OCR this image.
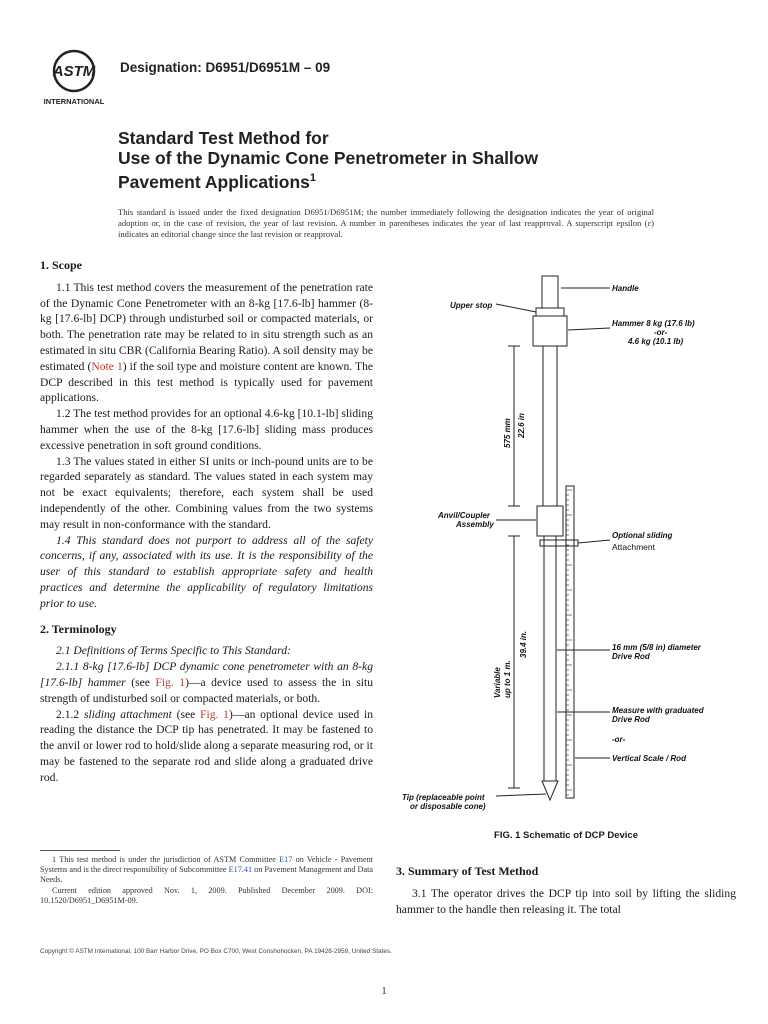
ASTM
INTERNATIONAL
Designation: D6951/D6951M – 09
Standard Test Method for
Use of the Dynamic Cone Penetrometer in Shallow
Pavement Applications$^1$
This standard is issued under the fixed designation D6951/D6951M; the number immediately following the designation indicates the year of original adoption or, in the case of revision, the year of last revision. A number in parentheses indicates the year of last reapproval. A superscript epsilon (ε) indicates an editorial change since the last revision or reapproval.
1. Scope

1.1 This test method covers the measurement of the penetration rate of the Dynamic Cone Penetrometer with an 8-kg [17.6-lb] hammer (8-kg [17.6-lb] DCP) through undisturbed soil or compacted materials, or both. The penetration rate may be related to in situ strength such as an estimated in situ CBR (California Bearing Ratio). A soil density may be estimated (Note 1) if the soil type and moisture content are known. The DCP described in this test method is typically used for pavement applications.

1.2 The test method provides for an optional 4.6-kg [10.1-lb] sliding hammer when the use of the 8-kg [17.6-lb] sliding mass produces excessive penetration in soft ground conditions.

1.3 The values stated in either SI units or inch-pound units are to be regarded separately as standard. The values stated in each system may not be exact equivalents; therefore, each system shall be used independently of the other. Combining values from the two systems may result in non-conformance with the standard.

1.4 This standard does not purport to address all of the safety concerns, if any, associated with its use. It is the responsibility of the user of this standard to establish appropriate safety and health practices and determine the applicability of regulatory limitations prior to use.

2. Terminology

2.1 Definitions of Terms Specific to This Standard:

2.1.1 8-kg [17.6-lb] DCP dynamic cone penetrometer with an 8-kg [17.6-lb] hammer (see Fig. 1)—a device used to assess the in situ strength of undisturbed soil or compacted materials, or both.

2.1.2 sliding attachment (see Fig. 1)—an optional device used in reading the distance the DCP tip has penetrated. It may be fastened to the anvil or lower rod to hold/slide along a separate measuring rod, or it may be fastened to the separate rod and slide along a graduated drive rod.

1 This test method is under the jurisdiction of ASTM Committee E17 on Vehicle - Pavement Systems and is the direct responsibility of Subcommittee E17.41 on Pavement Management and Data Needs.

Current edition approved Nov. 1, 2009. Published December 2009. DOI: 10.1520/D6951_D6951M-09.

Handle
Upper stop
Hammer 8 kg (17.6 lb)
-or-
4.6 kg (10.1 lb)
575 mm 22.6 in
Anvil/Coupler
Assembly
Optional sliding
Attachment
Variable up to 1 m.
39.4 in.	16 mm (5/8 in) diameter
Drive Rod
Measure with graduated
Drive Rod
-or-
Vertical Scale / Rod
Tip (replaceable point
or disposable cone)
FIG. 1 Schematic of DCP Device
3. Summary of Test Method

3.1 The operator drives the DCP tip into soil by lifting the sliding hammer to the handle then releasing it. The total

Copyright © ASTM International, 100 Barr Harbor Drive, PO Box C700, West Conshohocken, PA 19428-2959, United States.
1
